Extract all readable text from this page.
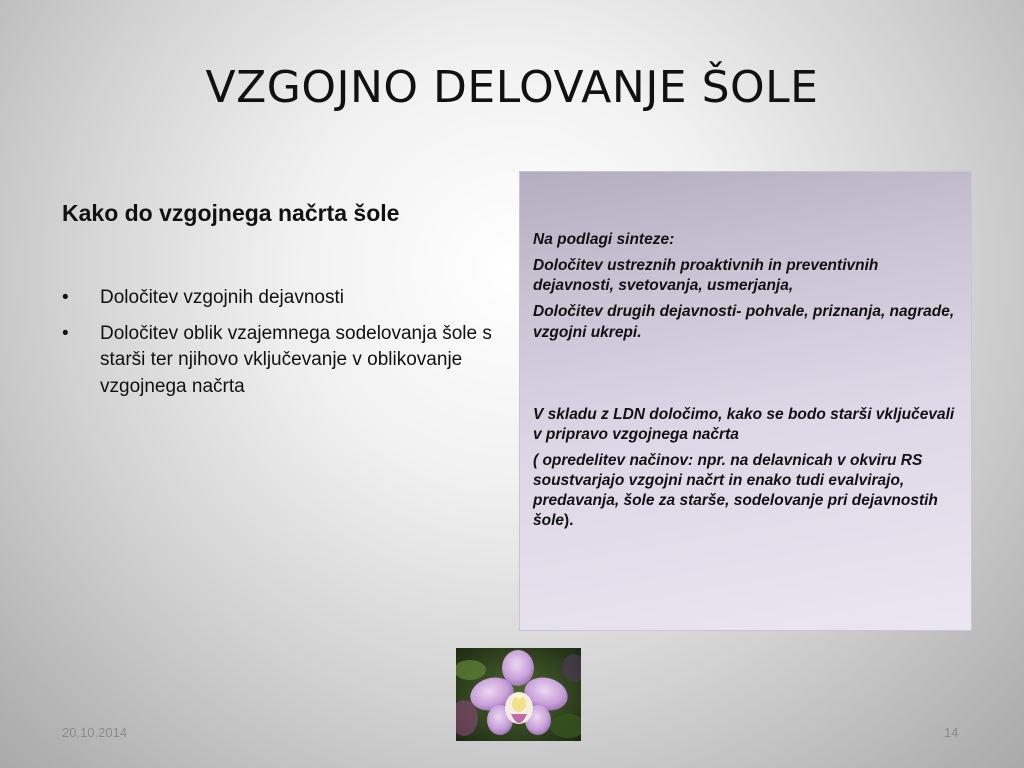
VZGOJNO DELOVANJE ŠOLE
Kako do vzgojnega načrta šole
• Določitev vzgojnih dejavnosti
• Določitev oblik vzajemnega sodelovanja šole s starši ter njihovo vključevanje v oblikovanje vzgojnega načrta

Na podlagi sinteze:

Določitev ustreznih proaktivnih in preventivnih dejavnosti, svetovanja, usmerjanja,

Določitev drugih dejavnosti- pohvale, priznanja, nagrade, vzgojni ukrepi.

V skladu z LDN določimo, kako se bodo starši vključevali v pripravo vzgojnega načrta

( opredelitev načinov: npr. na delavnicah v okviru RS soustvarjajo vzgojni načrt in enako tudi evalvirajo, predavanja, šole za starše, sodelovanje pri dejavnostih šole).

20.10.2014	14
